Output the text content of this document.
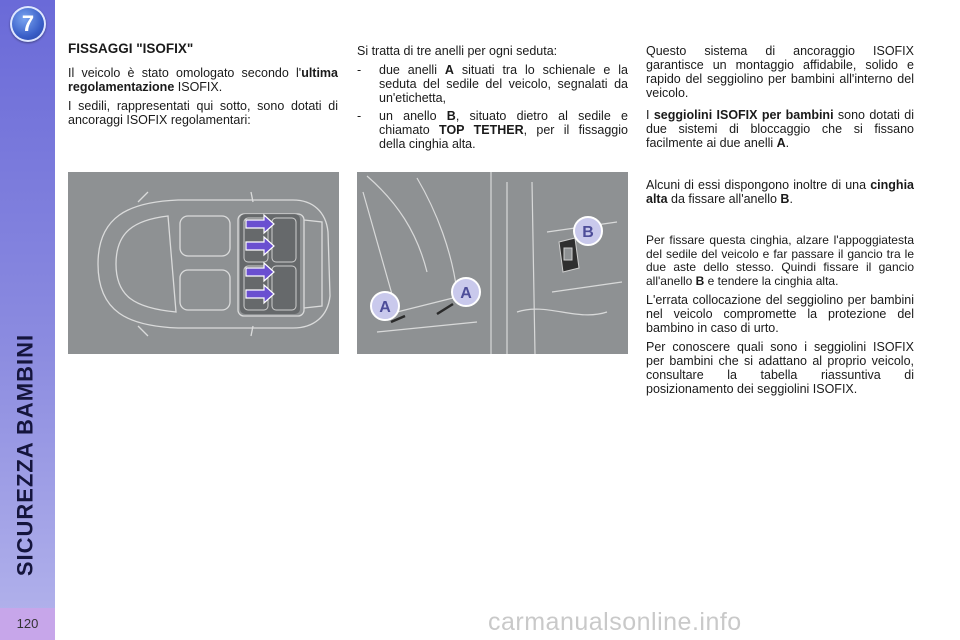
7
SICUREZZA BAMBINI
120

FISSAGGI "ISOFIX"

Il veicolo è stato omologato secondo l'ultima regolamentazione ISOFIX.

I sedili, rappresentati qui sotto, sono dotati di ancoraggi ISOFIX regolamentari:

Si tratta di tre anelli per ogni seduta:

-	due anelli A situati tra lo schienale e la seduta del sedile del veicolo, segnalati da un'etichetta,
-	un anello B, situato dietro al sedile e chiamato TOP TETHER, per il fissaggio della cinghia alta.

Questo sistema di ancoraggio ISOFIX garantisce un montaggio affidabile, solido e rapido del seggiolino per bambini all'interno del veicolo.

I seggiolini ISOFIX per bambini sono dotati di due sistemi di bloccaggio che si fissano facilmente ai due anelli A.

Alcuni di essi dispongono inoltre di una cinghia alta da fissare all'anello B.

Per fissare questa cinghia, alzare l'appoggiatesta del sedile del veicolo e far passare il gancio tra le due aste dello stesso. Quindi fissare il gancio all'anello B e tendere la cinghia alta.

L'errata collocazione del seggiolino per bambini nel veicolo compromette la protezione del bambino in caso di urto.

Per conoscere quali sono i seggiolini ISOFIX per bambini che si adattano al proprio veicolo, consultare la tabella riassuntiva di posizionamento dei seggiolini ISOFIX.

A
A
B
carmanualsonline.info
